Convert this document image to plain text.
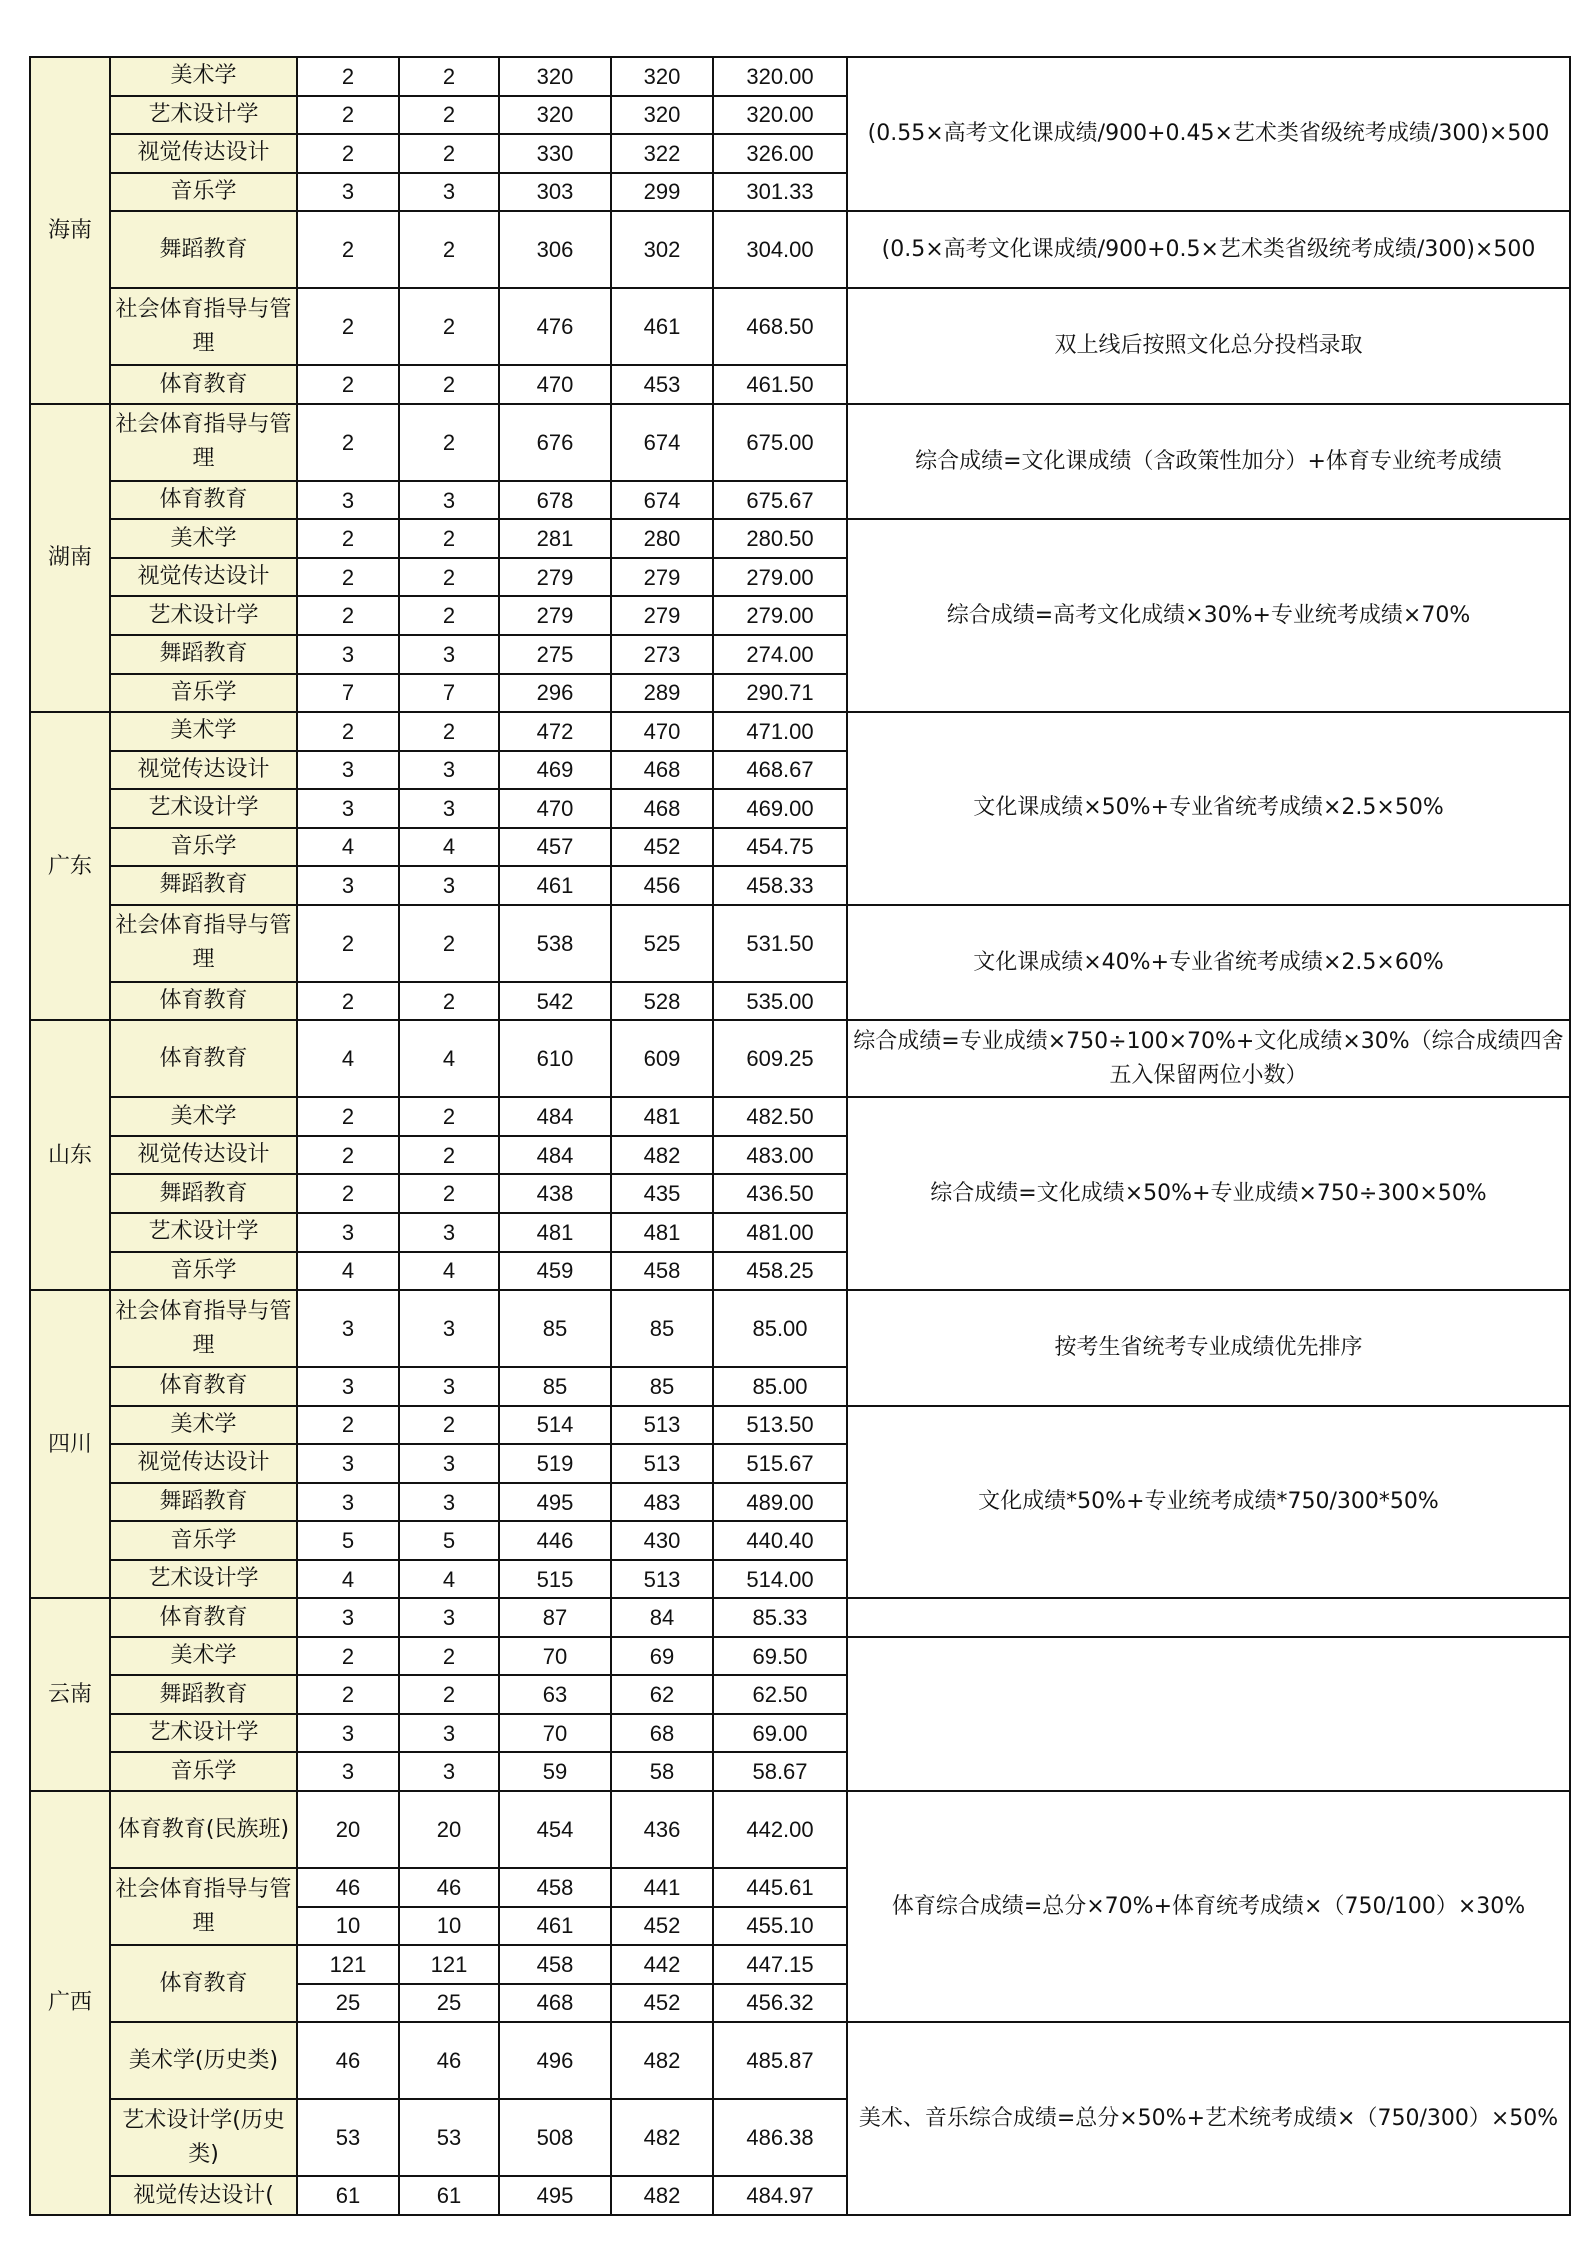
海南	美术学	2	2	320	320	320.00	(0.55×高考文化课成绩/900+0.45×艺术类省级统考成绩/300)×500
	艺术设计学	2	2	320	320	320.00	
	视觉传达设计	2	2	330	322	326.00	
	音乐学	3	3	303	299	301.33	
	舞蹈教育	2	2	306	302	304.00	(0.5×高考文化课成绩/900+0.5×艺术类省级统考成绩/300)×500
	社会体育指导与管理	2	2	476	461	468.50	双上线后按照文化总分投档录取
	体育教育	2	2	470	453	461.50	
湖南	社会体育指导与管理	2	2	676	674	675.00	综合成绩=文化课成绩（含政策性加分）+体育专业统考成绩
	体育教育	3	3	678	674	675.67	
	美术学	2	2	281	280	280.50	综合成绩=高考文化成绩×30%+专业统考成绩×70%
	视觉传达设计	2	2	279	279	279.00	
	艺术设计学	2	2	279	279	279.00	
	舞蹈教育	3	3	275	273	274.00	
	音乐学	7	7	296	289	290.71	
广东	美术学	2	2	472	470	471.00	文化课成绩×50%+专业省统考成绩×2.5×50%
	视觉传达设计	3	3	469	468	468.67	
	艺术设计学	3	3	470	468	469.00	
	音乐学	4	4	457	452	454.75	
	舞蹈教育	3	3	461	456	458.33	
	社会体育指导与管理	2	2	538	525	531.50	文化课成绩×40%+专业省统考成绩×2.5×60%
	体育教育	2	2	542	528	535.00	
山东	体育教育	4	4	610	609	609.25	综合成绩=专业成绩×750÷100×70%+文化成绩×30%（综合成绩四舍五入保留两位小数）
	美术学	2	2	484	481	482.50	综合成绩=文化成绩×50%+专业成绩×750÷300×50%
	视觉传达设计	2	2	484	482	483.00	
	舞蹈教育	2	2	438	435	436.50	
	艺术设计学	3	3	481	481	481.00	
	音乐学	4	4	459	458	458.25	
四川	社会体育指导与管理	3	3	85	85	85.00	按考生省统考专业成绩优先排序
	体育教育	3	3	85	85	85.00	
	美术学	2	2	514	513	513.50	文化成绩*50%+专业统考成绩*750/300*50%
	视觉传达设计	3	3	519	513	515.67	
	舞蹈教育	3	3	495	483	489.00	
	音乐学	5	5	446	430	440.40	
	艺术设计学	4	4	515	513	514.00	
云南	体育教育	3	3	87	84	85.33	
	美术学	2	2	70	69	69.50	
	舞蹈教育	2	2	63	62	62.50	
	艺术设计学	3	3	70	68	69.00	
	音乐学	3	3	59	58	58.67	
广西	体育教育(民族班)	20	20	454	436	442.00	体育综合成绩=总分×70%+体育统考成绩×（750/100）×30%
	社会体育指导与管理	46	46	458	441	445.61	
		10	10	461	452	455.10	
	体育教育	121	121	458	442	447.15	
		25	25	468	452	456.32	
	美术学(历史类)	46	46	496	482	485.87	美术、音乐综合成绩=总分×50%+艺术统考成绩×（750/300）×50%
	艺术设计学(历史类)	53	53	508	482	486.38	
	视觉传达设计(	61	61	495	482	484.97	
